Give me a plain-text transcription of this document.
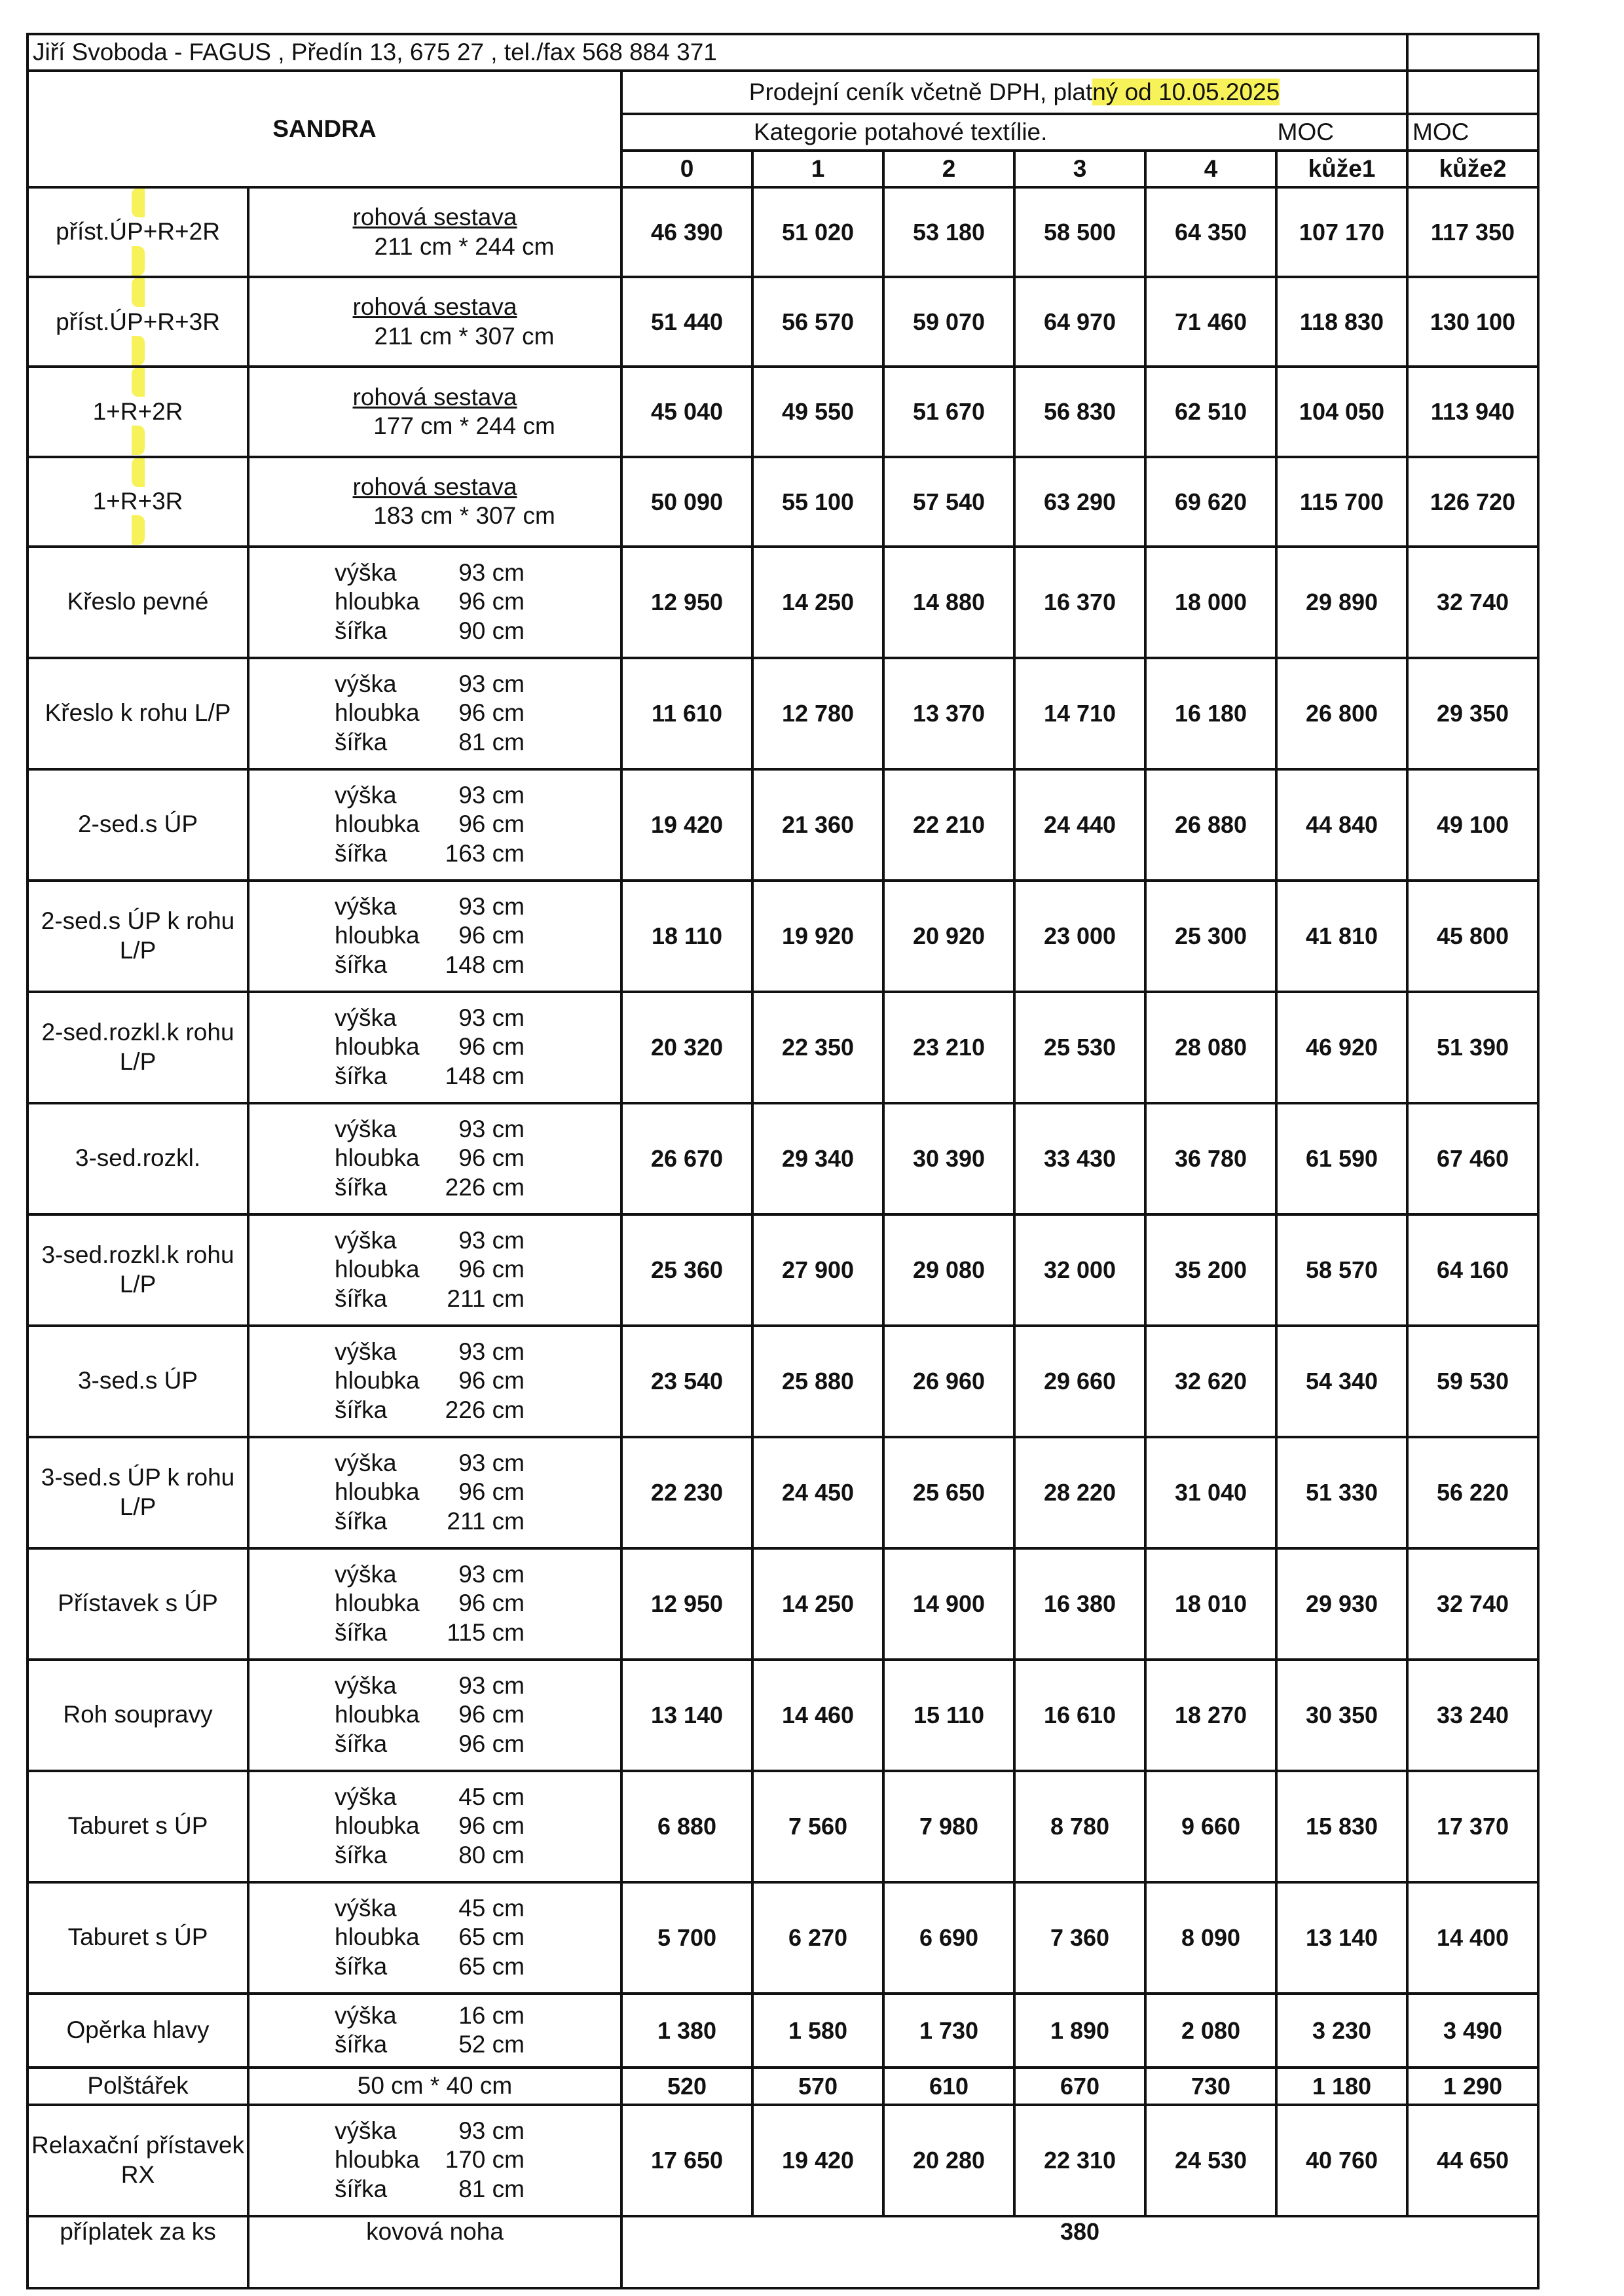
Jiří Svoboda - FAGUS , Předín 13, 675 27 , tel./fax 568 884 371								
SANDRA		Prodejní ceník včetně DPH, platný od 10.05.2025						

		Kategorie potahové textílie. MOC						MOC
		0	1	2	3	4	kůže1	kůže2

příst.ÚP+R+2R	rohová sestava
211 cm * 244 cm	46 390	51 020	53 180	58 500	64 350	107 170	117 350

příst.ÚP+R+3R	rohová sestava
211 cm * 307 cm	51 440	56 570	59 070	64 970	71 460	118 830	130 100

1+R+2R	rohová sestava
177 cm * 244 cm	45 040	49 550	51 670	56 830	62 510	104 050	113 940

1+R+3R	rohová sestava
183 cm * 307 cm	50 090	55 100	57 540	63 290	69 620	115 700	126 720

Křeslo pevné	výška 93 cm
hloubka 96 cm
šířka 90 cm	12 950	14 250	14 880	16 370	18 000	29 890	32 740

Křeslo k rohu L/P	výška 93 cm
hloubka 96 cm
šířka 81 cm	11 610	12 780	13 370	14 710	16 180	26 800	29 350

2-sed.s ÚP	výška 93 cm
hloubka 96 cm
šířka 163 cm	19 420	21 360	22 210	24 440	26 880	44 840	49 100

2-sed.s ÚP k rohu L/P	výška 93 cm
hloubka 96 cm
šířka 148 cm	18 110	19 920	20 920	23 000	25 300	41 810	45 800

2-sed.rozkl.k rohu L/P	výška 93 cm
hloubka 96 cm
šířka 148 cm	20 320	22 350	23 210	25 530	28 080	46 920	51 390

3-sed.rozkl.	výška 93 cm
hloubka 96 cm
šířka 226 cm	26 670	29 340	30 390	33 430	36 780	61 590	67 460

3-sed.rozkl.k rohu L/P	výška 93 cm
hloubka 96 cm
šířka 211 cm	25 360	27 900	29 080	32 000	35 200	58 570	64 160

3-sed.s ÚP	výška 93 cm
hloubka 96 cm
šířka 226 cm	23 540	25 880	26 960	29 660	32 620	54 340	59 530

3-sed.s ÚP k rohu L/P	výška 93 cm
hloubka 96 cm
šířka 211 cm	22 230	24 450	25 650	28 220	31 040	51 330	56 220

Přístavek s ÚP	výška 93 cm
hloubka 96 cm
šířka 115 cm	12 950	14 250	14 900	16 380	18 010	29 930	32 740

Roh soupravy	výška 93 cm
hloubka 96 cm
šířka 96 cm	13 140	14 460	15 110	16 610	18 270	30 350	33 240

Taburet s ÚP	výška 45 cm
hloubka 96 cm
šířka 80 cm	6 880	7 560	7 980	8 780	9 660	15 830	17 370

Taburet s ÚP	výška 45 cm
hloubka 65 cm
šířka 65 cm	5 700	6 270	6 690	7 360	8 090	13 140	14 400

Opěrka hlavy	výška 16 cm
šířka 52 cm	1 380	1 580	1 730	1 890	2 080	3 230	3 490

Polštářek	50 cm * 40 cm	520	570	610	670	730	1 180	1 290

Relaxační přístavek RX	výška 93 cm
hloubka 170 cm
šířka 81 cm	17 650	19 420	20 280	22 310	24 530	40 760	44 650
příplatek za ks	kovová noha	380						
